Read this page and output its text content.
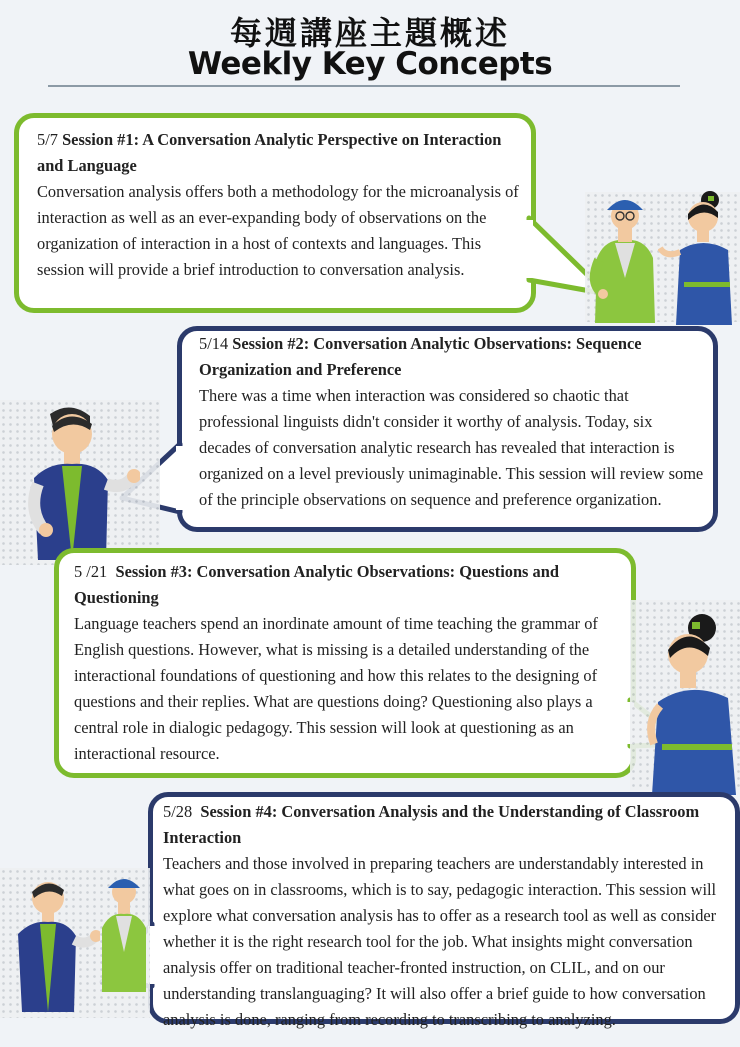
每週講座主題概述
Weekly Key Concepts
5/7 Session #1: A Conversation Analytic Perspective on Interaction and Language
Conversation analysis offers both a methodology for the microanalysis of interaction as well as an ever-expanding body of observations on the organization of interaction in a host of contexts and languages. This session will provide a brief introduction to conversation analysis.
5/14 Session #2: Conversation Analytic Observations: Sequence Organization and Preference
There was a time when interaction was considered so chaotic that professional linguists didn't consider it worthy of analysis. Today, six decades of conversation analytic research has revealed that interaction is organized on a level previously unimaginable. This session will review some of the principle observations on sequence and preference organization.
5 /21 Session #3: Conversation Analytic Observations: Questions and Questioning
Language teachers spend an inordinate amount of time teaching the grammar of English questions. However, what is missing is a detailed understanding of the interactional foundations of questioning and how this relates to the designing of questions and their replies. What are questions doing? Questioning also plays a central role in dialogic pedagogy. This session will look at questioning as an interactional resource.
5/28 Session #4: Conversation Analysis and the Understanding of Classroom Interaction
Teachers and those involved in preparing teachers are understandably interested in what goes on in classrooms, which is to say, pedagogic interaction. This session will explore what conversation analysis has to offer as a research tool as well as consider whether it is the right research tool for the job. What insights might conversation analysis offer on traditional teacher-fronted instruction, on CLIL, and on our understanding translanguaging? It will also offer a brief guide to how conversation analysis is done, ranging from recording to transcribing to analyzing.
